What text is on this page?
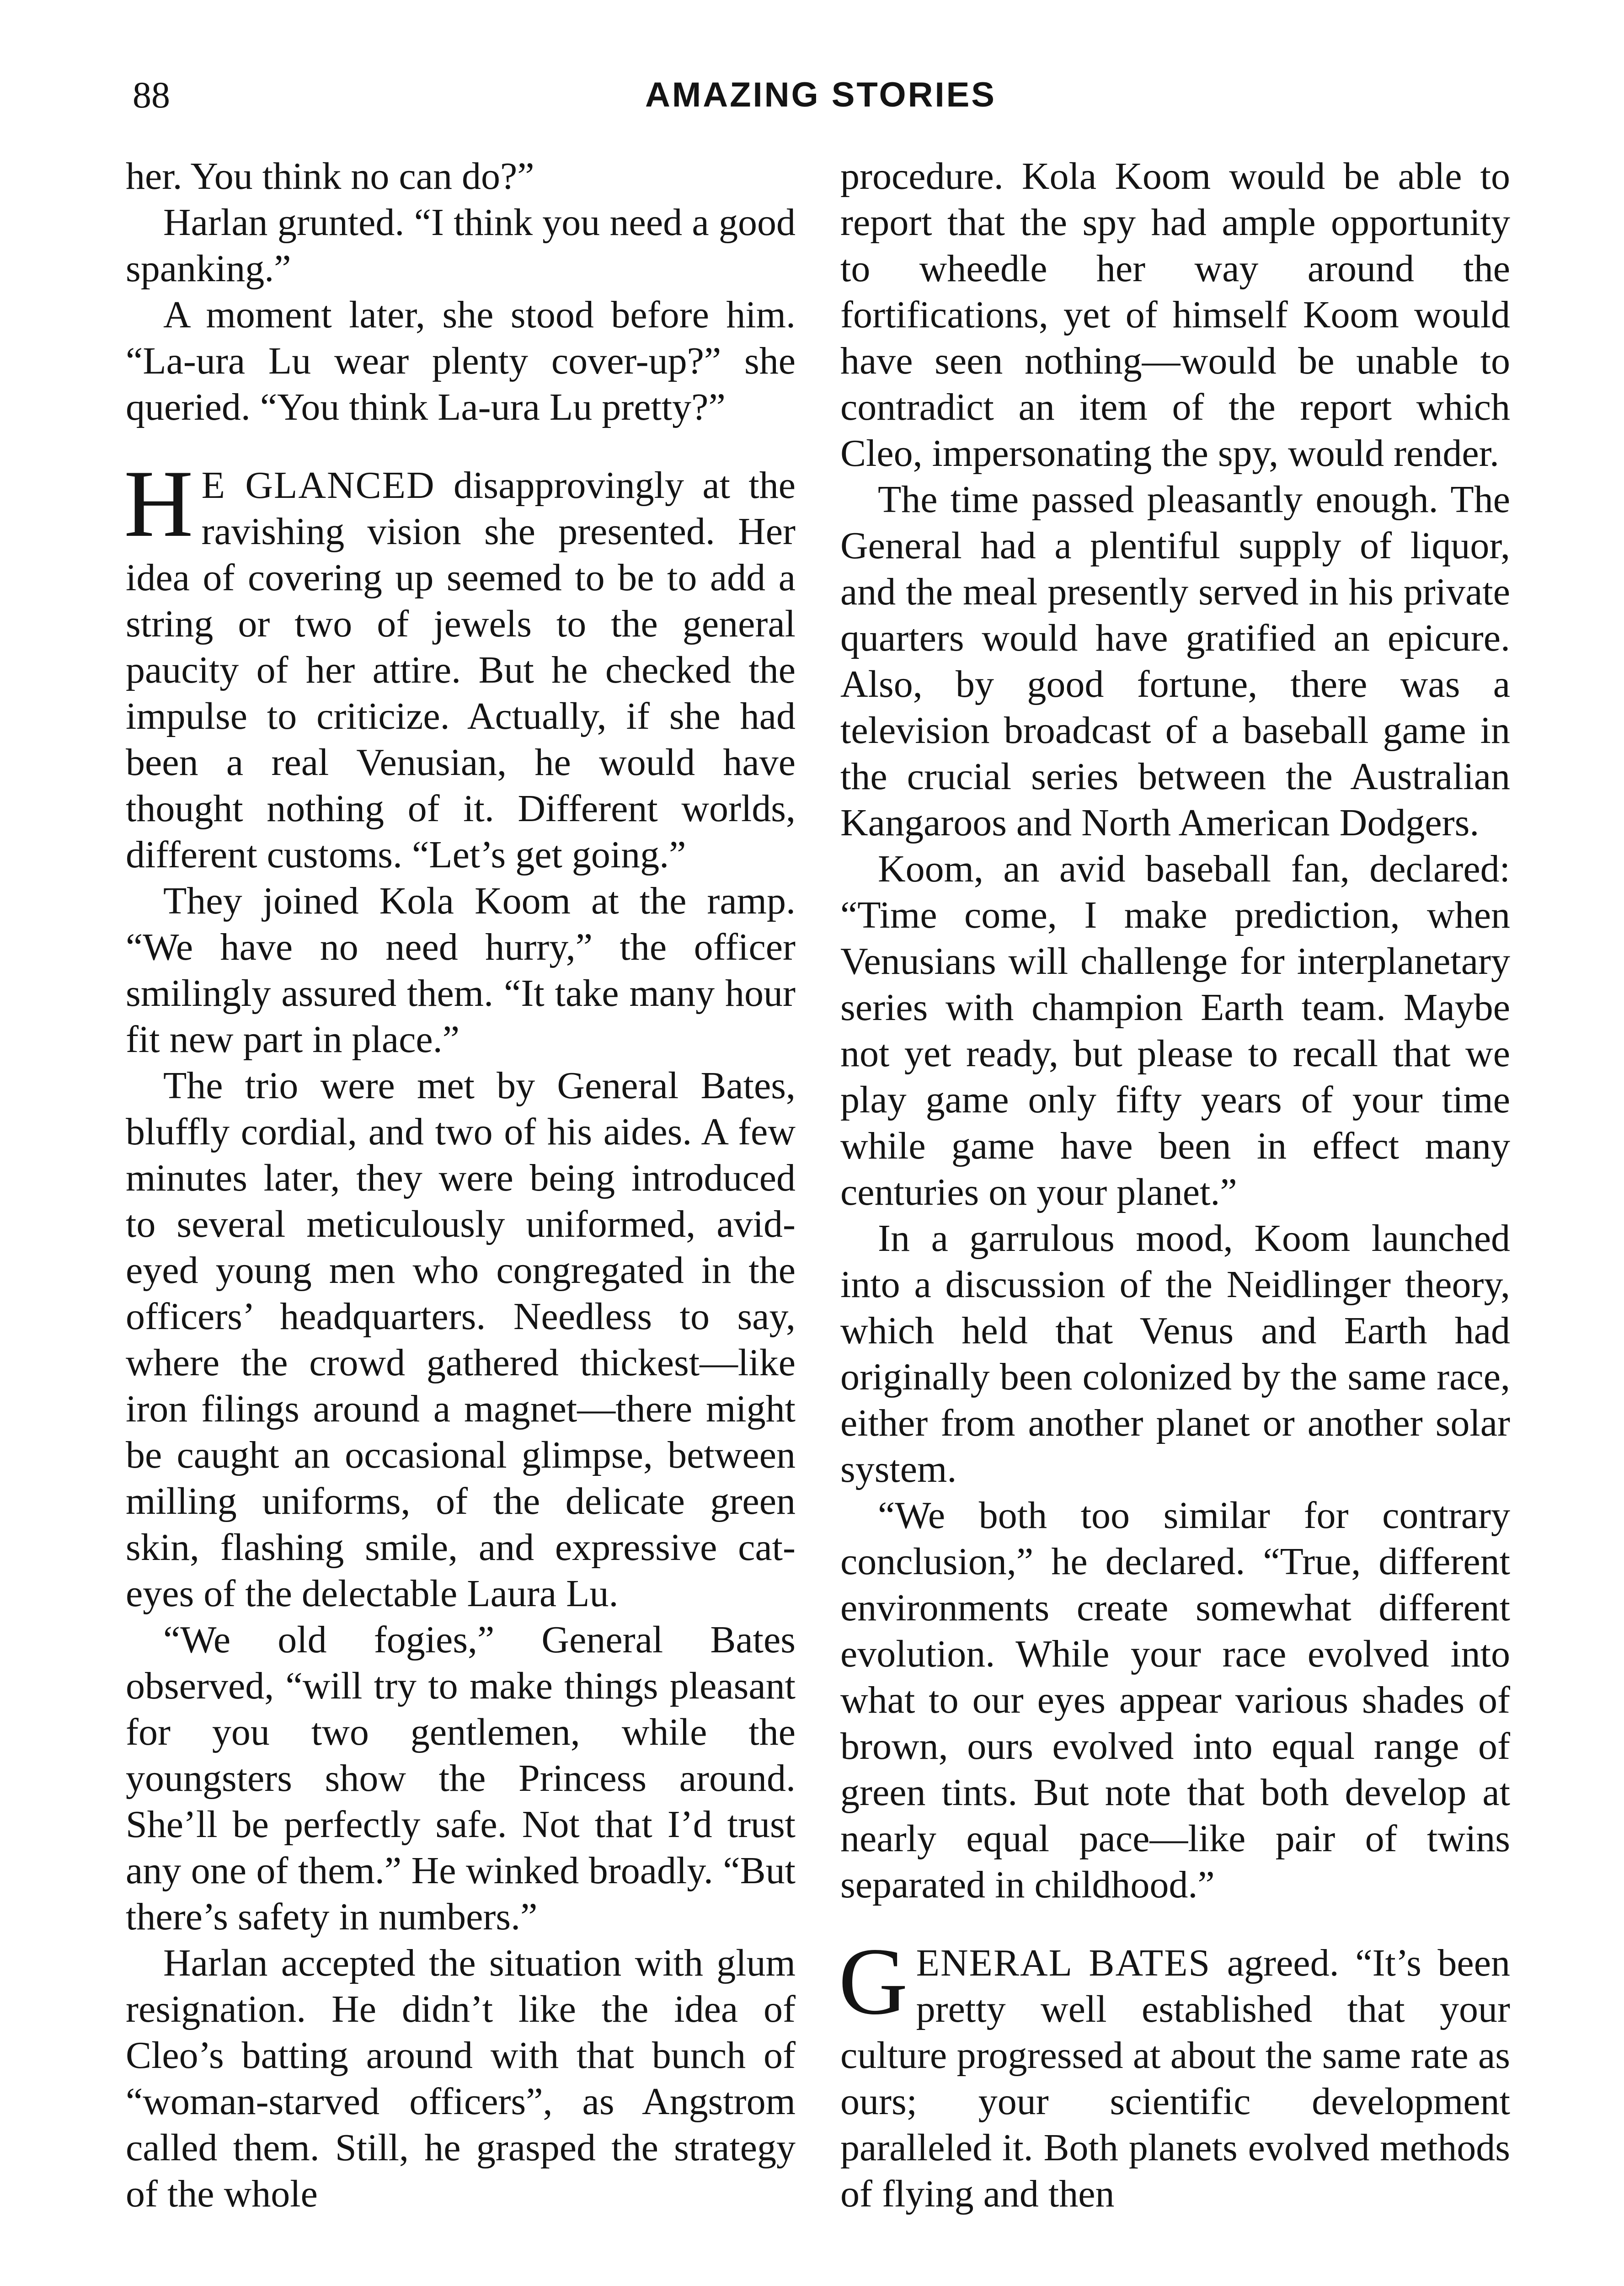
88	AMAZING STORIES

her. You think no can do?”

Harlan grunted. “I think you need a good spanking.”

A moment later, she stood before him. “La-ura Lu wear plenty cover-up?” she queried. “You think La-ura Lu pretty?”

H E GLANCED disapprovingly at the ravishing vision she presented. Her idea of covering up seemed to be to add a string or two of jewels to the general paucity of her attire. But he checked the impulse to criticize. Actually, if she had been a real Venusian, he would have thought nothing of it. Different worlds, different customs. “Let’s get going.”

They joined Kola Koom at the ramp. “We have no need hurry,” the officer smilingly assured them. “It take many hour fit new part in place.”

The trio were met by General Bates, bluffly cordial, and two of his aides. A few minutes later, they were being introduced to several meticulously uniformed, avid-eyed young men who congregated in the officers’ headquarters. Needless to say, where the crowd gathered thickest—like iron filings around a magnet—there might be caught an occasional glimpse, between milling uniforms, of the delicate green skin, flashing smile, and expressive cat-eyes of the delectable Laura Lu.

“We old fogies,” General Bates observed, “will try to make things pleasant for you two gentlemen, while the youngsters show the Princess around. She’ll be perfectly safe. Not that I’d trust any one of them.” He winked broadly. “But there’s safety in numbers.”

Harlan accepted the situation with glum resignation. He didn’t like the idea of Cleo’s batting around with that bunch of “woman-starved officers”, as Angstrom called them. Still, he grasped the strategy of the whole

procedure. Kola Koom would be able to report that the spy had ample opportunity to wheedle her way around the fortifications, yet of himself Koom would have seen nothing—would be unable to contradict an item of the report which Cleo, impersonating the spy, would render.

The time passed pleasantly enough. The General had a plentiful supply of liquor, and the meal presently served in his private quarters would have gratified an epicure. Also, by good fortune, there was a television broadcast of a baseball game in the crucial series between the Australian Kangaroos and North American Dodgers.

Koom, an avid baseball fan, declared: “Time come, I make prediction, when Venusians will challenge for interplanetary series with champion Earth team. Maybe not yet ready, but please to recall that we play game only fifty years of your time while game have been in effect many centuries on your planet.”

In a garrulous mood, Koom launched into a discussion of the Neidlinger theory, which held that Venus and Earth had originally been colonized by the same race, either from another planet or another solar system.

“We both too similar for contrary conclusion,” he declared. “True, different environments create somewhat different evolution. While your race evolved into what to our eyes appear various shades of brown, ours evolved into equal range of green tints. But note that both develop at nearly equal pace—like pair of twins separated in childhood.”

GENERAL BATES agreed. “It’s been pretty well established that your culture progressed at about the same rate as ours; your scientific development paralleled it. Both planets evolved methods of flying and then
